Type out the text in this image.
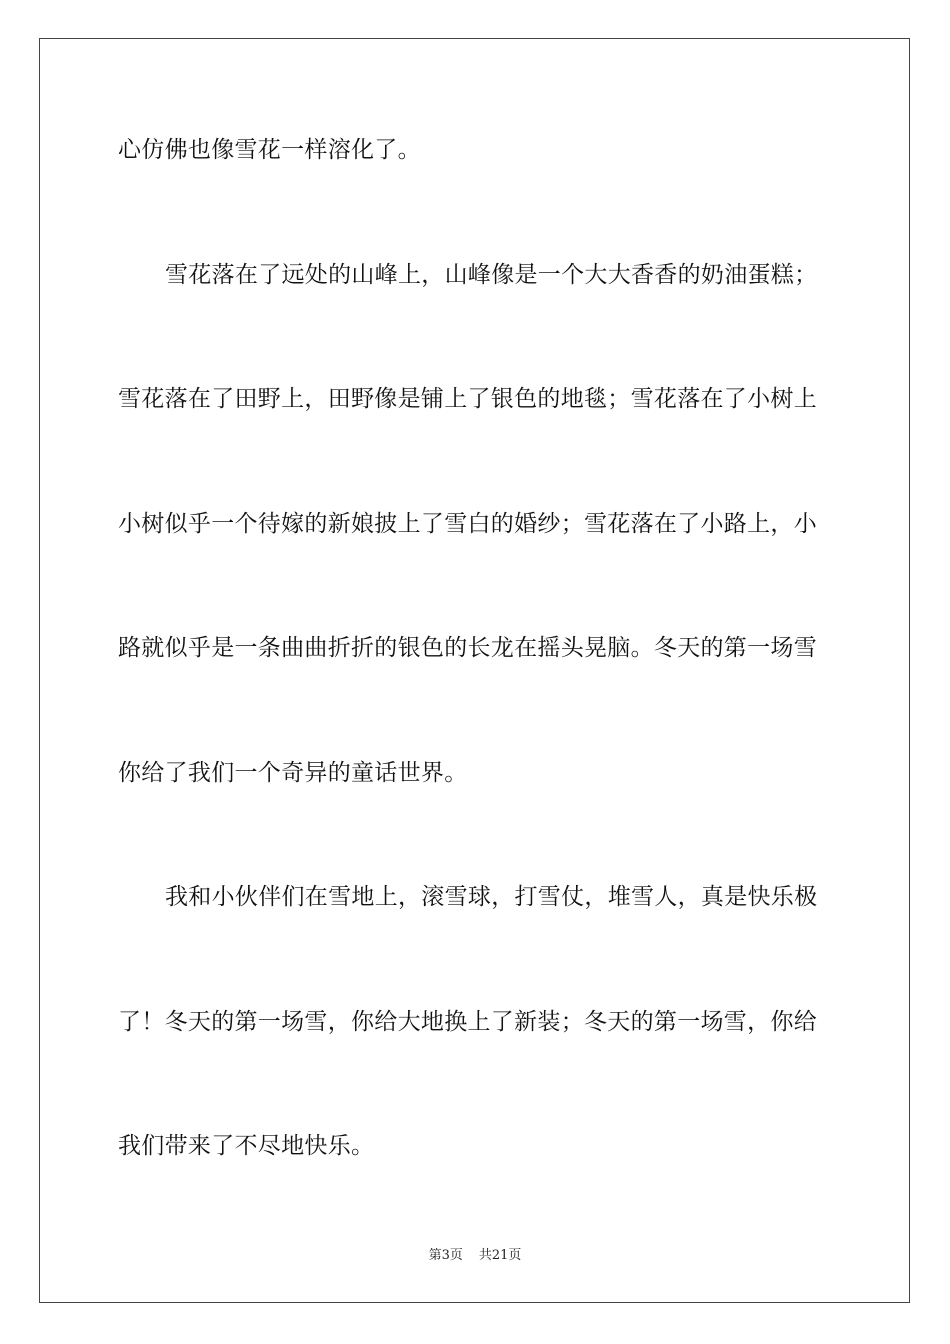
心仿佛也像雪花一样溶化了。
雪花落在了远处的山峰上，山峰像是一个大大香香的奶油蛋糕；
雪花落在了田野上，田野像是铺上了银色的地毯；雪花落在了小树上
小树似乎一个待嫁的新娘披上了雪白的婚纱；雪花落在了小路上，小
路就似乎是一条曲曲折折的银色的长龙在摇头晃脑。冬天的第一场雪
你给了我们一个奇异的童话世界。
我和小伙伴们在雪地上，滚雪球，打雪仗，堆雪人，真是快乐极
了！冬天的第一场雪，你给大地换上了新装；冬天的第一场雪，你给
我们带来了不尽地快乐。
第3页 共21页
